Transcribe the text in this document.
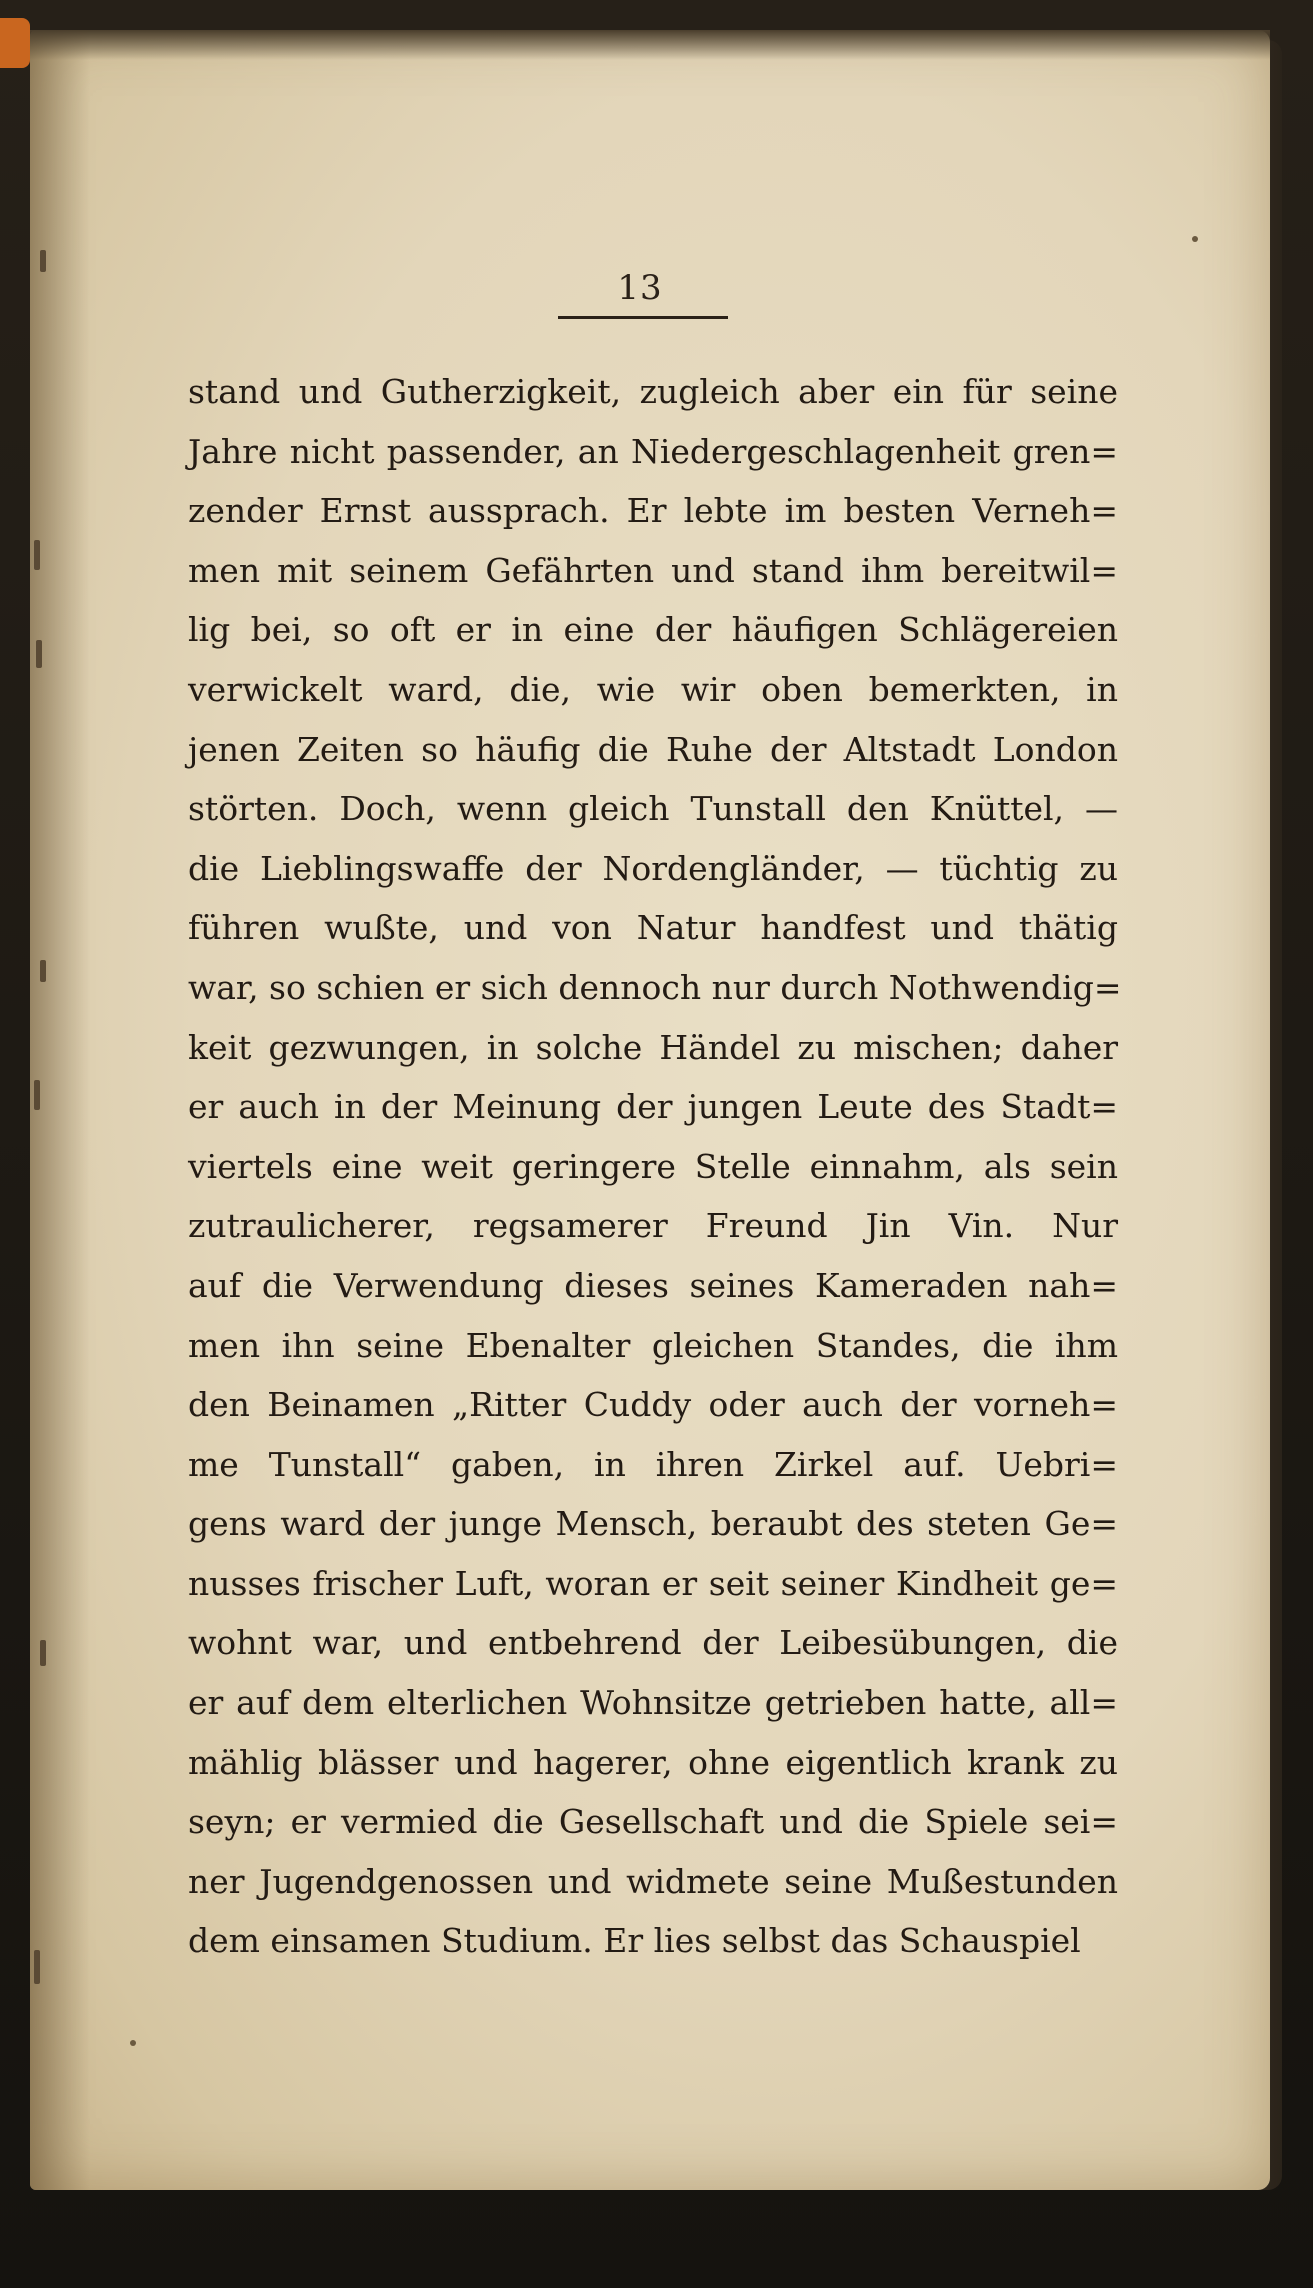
13
stand und Gutherzigkeit, zugleich aber ein für seine
Jahre nicht passender, an Niedergeschlagenheit gren=
zender Ernst aussprach. Er lebte im besten Verneh=
men mit seinem Gefährten und stand ihm bereitwil=
lig bei, so oft er in eine der häufigen Schlägereien
verwickelt ward, die, wie wir oben bemerkten, in
jenen Zeiten so häufig die Ruhe der Altstadt London
störten. Doch, wenn gleich Tunstall den Knüttel, —
die Lieblingswaffe der Nordengländer, — tüchtig zu
führen wußte, und von Natur handfest und thätig
war, so schien er sich dennoch nur durch Nothwendig=
keit gezwungen, in solche Händel zu mischen; daher
er auch in der Meinung der jungen Leute des Stadt=
viertels eine weit geringere Stelle einnahm, als sein
zutraulicherer, regsamerer Freund Jin Vin. Nur
auf die Verwendung dieses seines Kameraden nah=
men ihn seine Ebenalter gleichen Standes, die ihm
den Beinamen „Ritter Cuddy oder auch der vorneh=
me Tunstall“ gaben, in ihren Zirkel auf. Uebri=
gens ward der junge Mensch, beraubt des steten Ge=
nusses frischer Luft, woran er seit seiner Kindheit ge=
wohnt war, und entbehrend der Leibesübungen, die
er auf dem elterlichen Wohnsitze getrieben hatte, all=
mählig blässer und hagerer, ohne eigentlich krank zu
seyn; er vermied die Gesellschaft und die Spiele sei=
ner Jugendgenossen und widmete seine Mußestunden
dem einsamen Studium. Er lies selbst das Schauspiel
